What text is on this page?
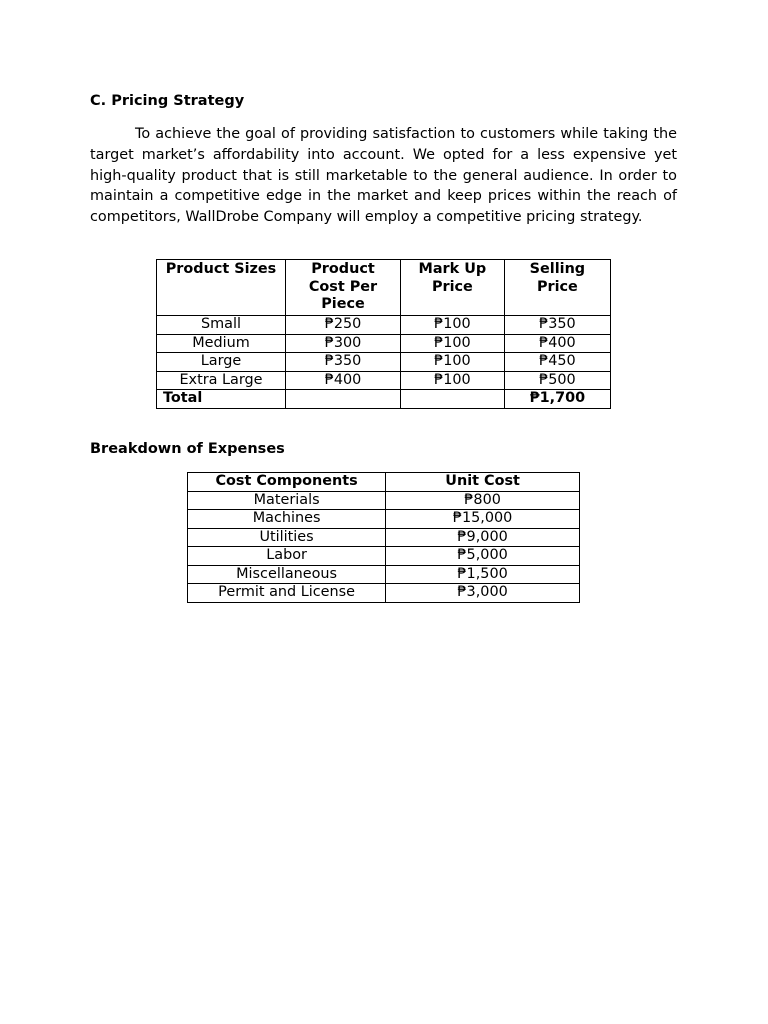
C. Pricing Strategy

To achieve the goal of providing satisfaction to customers while taking the target market’s affordability into account. We opted for a less expensive yet high-quality product that is still marketable to the general audience. In order to maintain a competitive edge in the market and keep prices within the reach of competitors, WallDrobe Company will employ a competitive pricing strategy.

Product Sizes	Product Cost Per Piece	Mark Up Price	Selling Price
Small	₱250	₱100	₱350
Medium	₱300	₱100	₱400
Large	₱350	₱100	₱450
Extra Large	₱400	₱100	₱500
Total			₱1,700
Breakdown of Expenses
Cost Components	Unit Cost
Materials	₱800
Machines	₱15,000
Utilities	₱9,000
Labor	₱5,000
Miscellaneous	₱1,500
Permit and License	₱3,000
